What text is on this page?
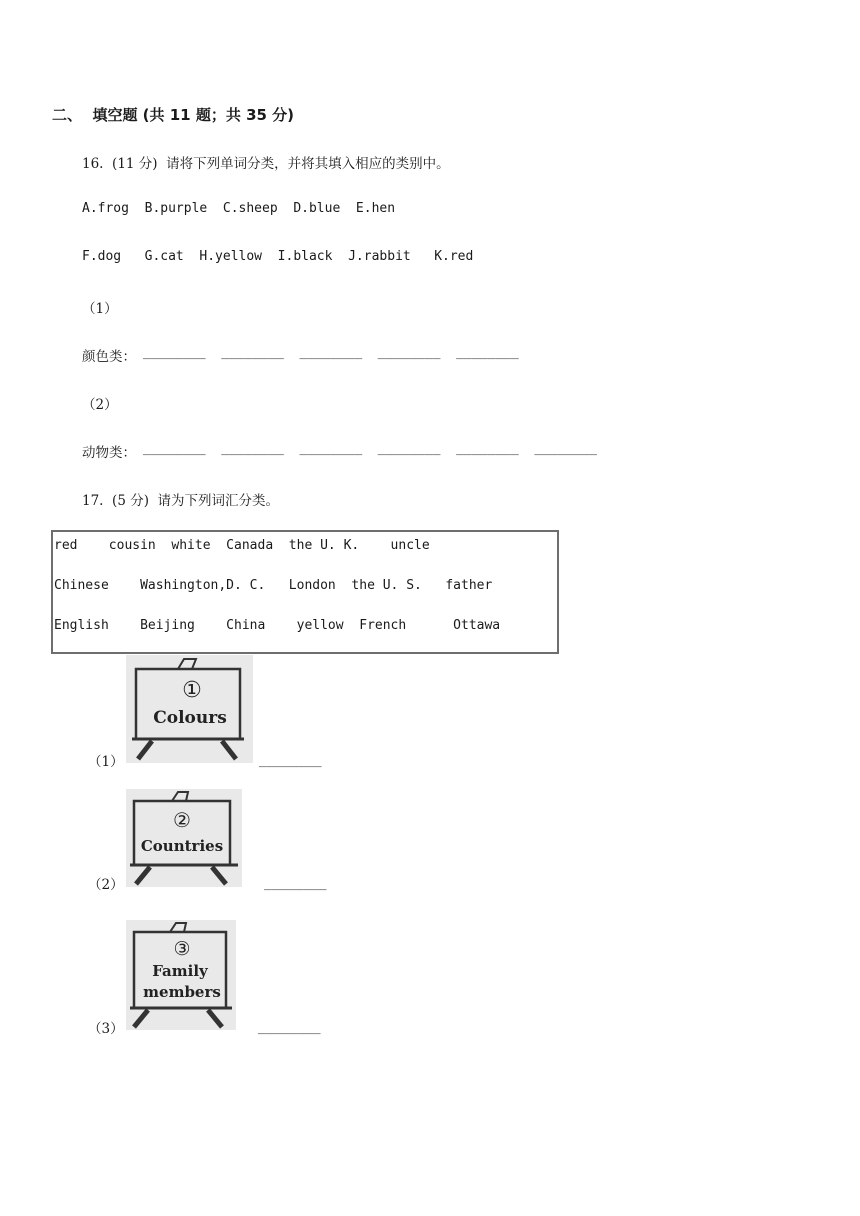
二、  填空题 (共 11 题；共 35 分)
16.  (11 分)  请将下列单词分类，并将其填入相应的类别中。
A.frog  B.purple  C.sheep  D.blue  E.hen
F.dog   G.cat  H.yellow  I.black  J.rabbit   K.red
（1）
颜色类： ________  ________  ________  ________  ________
（2）
动物类： ________  ________  ________  ________  ________  ________
17.  (5 分)  请为下列词汇分类。
red    cousin  white  Canada  the U. K.    uncle
Chinese    Washington,D. C.   London  the U. S.   father
English    Beijing    China    yellow  French      Ottawa
（1）
①
Colours
________
（2）
②
Countries
________
（3）
③
Family
members
________
